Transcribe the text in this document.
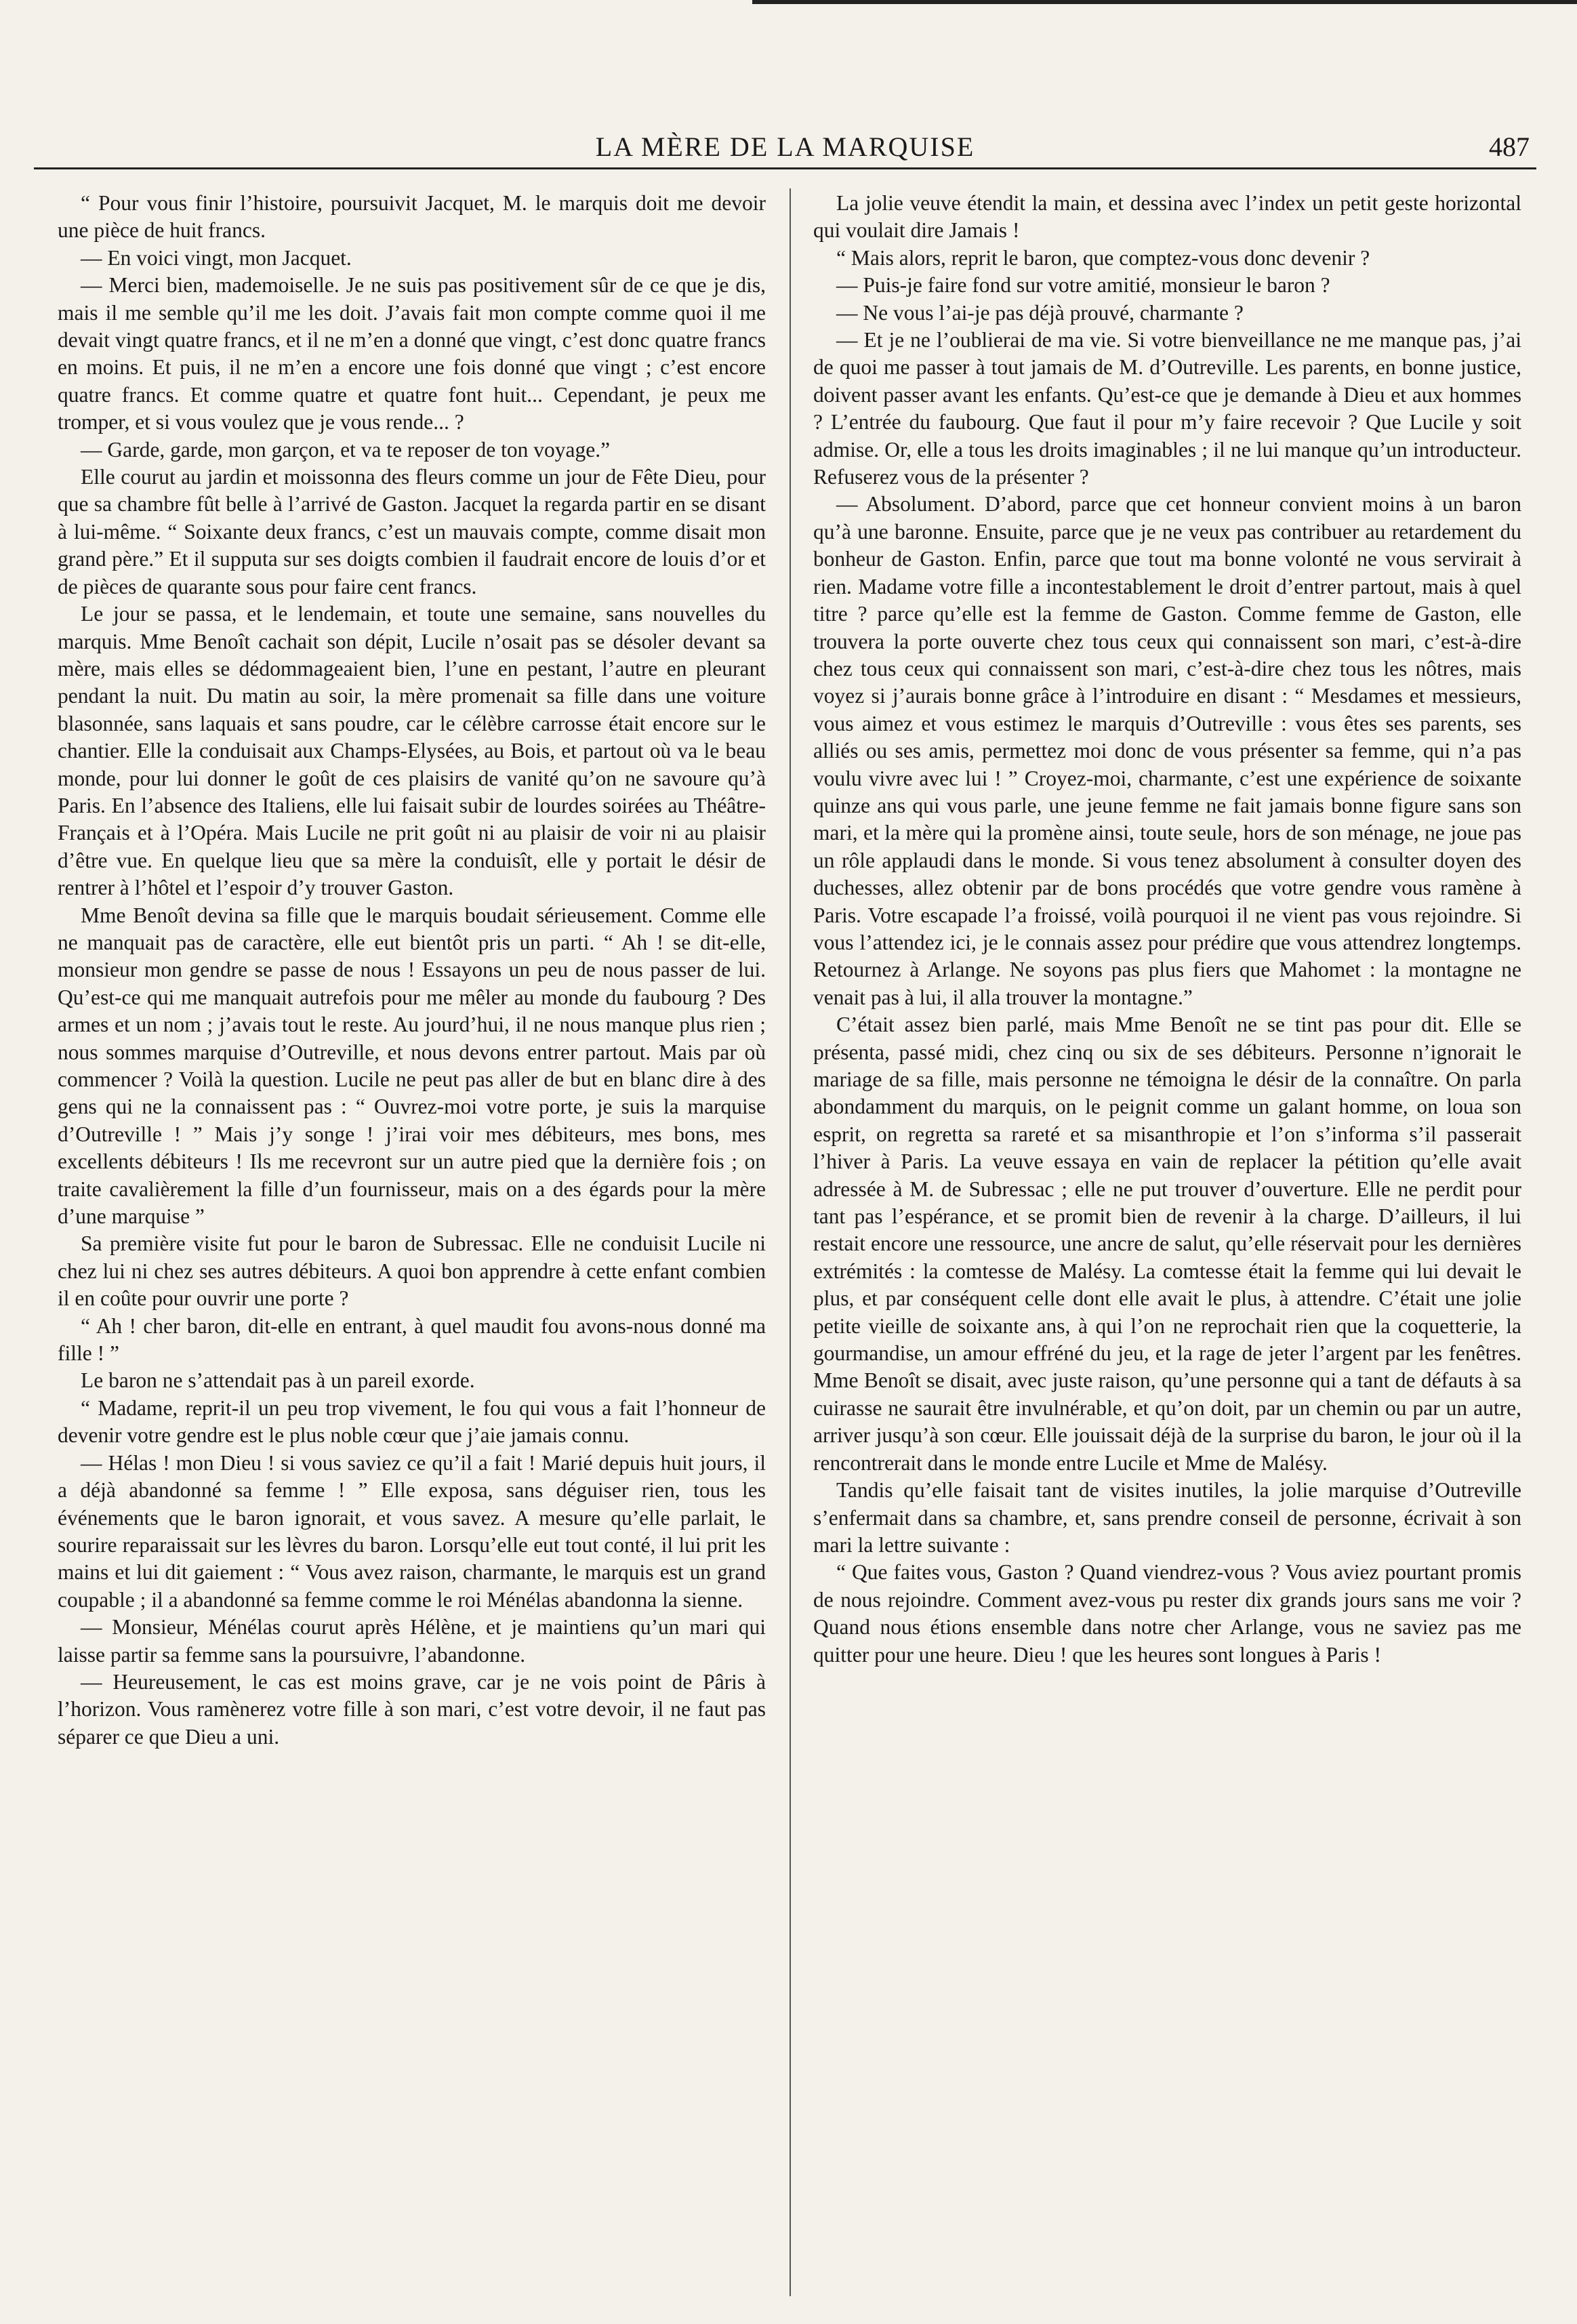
LA MÈRE DE LA MARQUISE	487

“ Pour vous finir l’histoire, poursuivit Jacquet, M. le marquis doit me devoir une pièce de huit francs.

— En voici vingt, mon Jacquet.

— Merci bien, mademoiselle. Je ne suis pas positivement sûr de ce que je dis, mais il me semble qu’il me les doit. J’avais fait mon compte comme quoi il me devait vingt quatre francs, et il ne m’en a donné que vingt, c’est donc quatre francs en moins. Et puis, il ne m’en a encore une fois donné que vingt ; c’est encore quatre francs. Et comme quatre et quatre font huit... Cependant, je peux me tromper, et si vous voulez que je vous rende... ?

— Garde, garde, mon garçon, et va te reposer de ton voyage.”

Elle courut au jardin et moissonna des fleurs comme un jour de Fête Dieu, pour que sa chambre fût belle à l’arrivé de Gaston. Jacquet la regarda partir en se disant à lui-même. “ Soixante deux francs, c’est un mauvais compte, comme disait mon grand père.” Et il supputa sur ses doigts combien il faudrait encore de louis d’or et de pièces de quarante sous pour faire cent francs.

Le jour se passa, et le lendemain, et toute une semaine, sans nouvelles du marquis. Mme Benoît cachait son dépit, Lucile n’osait pas se désoler devant sa mère, mais elles se dédommageaient bien, l’une en pestant, l’autre en pleurant pendant la nuit. Du matin au soir, la mère promenait sa fille dans une voiture blasonnée, sans laquais et sans poudre, car le célèbre carrosse était encore sur le chantier. Elle la conduisait aux Champs-Elysées, au Bois, et partout où va le beau monde, pour lui donner le goût de ces plaisirs de vanité qu’on ne savoure qu’à Paris. En l’absence des Italiens, elle lui faisait subir de lourdes soirées au Théâtre-Français et à l’Opéra. Mais Lucile ne prit goût ni au plaisir de voir ni au plaisir d’être vue. En quelque lieu que sa mère la conduisît, elle y portait le désir de rentrer à l’hôtel et l’espoir d’y trouver Gaston.

Mme Benoît devina sa fille que le marquis boudait sérieusement. Comme elle ne manquait pas de caractère, elle eut bientôt pris un parti. “ Ah ! se dit-elle, monsieur mon gendre se passe de nous ! Essayons un peu de nous passer de lui. Qu’est-ce qui me manquait autrefois pour me mêler au monde du faubourg ? Des armes et un nom ; j’avais tout le reste. Au jourd’hui, il ne nous manque plus rien ; nous sommes marquise d’Outreville, et nous devons entrer partout. Mais par où commencer ? Voilà la question. Lucile ne peut pas aller de but en blanc dire à des gens qui ne la connaissent pas : “ Ouvrez-moi votre porte, je suis la marquise d’Outreville ! ” Mais j’y songe ! j’irai voir mes débiteurs, mes bons, mes excellents débiteurs ! Ils me recevront sur un autre pied que la dernière fois ; on traite cavalièrement la fille d’un fournisseur, mais on a des égards pour la mère d’une marquise ”

Sa première visite fut pour le baron de Subressac. Elle ne conduisit Lucile ni chez lui ni chez ses autres débiteurs. A quoi bon apprendre à cette enfant combien il en coûte pour ouvrir une porte ?

“ Ah ! cher baron, dit-elle en entrant, à quel maudit fou avons-nous donné ma fille ! ”

Le baron ne s’attendait pas à un pareil exorde.

“ Madame, reprit-il un peu trop vivement, le fou qui vous a fait l’honneur de devenir votre gendre est le plus noble cœur que j’aie jamais connu.

— Hélas ! mon Dieu ! si vous saviez ce qu’il a fait ! Marié depuis huit jours, il a déjà abandonné sa femme ! ” Elle exposa, sans déguiser rien, tous les événements que le baron ignorait, et vous savez. A mesure qu’elle parlait, le sourire reparaissait sur les lèvres du baron. Lorsqu’elle eut tout conté, il lui prit les mains et lui dit gaiement : “ Vous avez raison, charmante, le marquis est un grand coupable ; il a abandonné sa femme comme le roi Ménélas abandonna la sienne.

— Monsieur, Ménélas courut après Hélène, et je maintiens qu’un mari qui laisse partir sa femme sans la poursuivre, l’abandonne.

— Heureusement, le cas est moins grave, car je ne vois point de Pâris à l’horizon. Vous ramènerez votre fille à son mari, c’est votre devoir, il ne faut pas séparer ce que Dieu a uni.

La jolie veuve étendit la main, et dessina avec l’index un petit geste horizontal qui voulait dire Jamais !

“ Mais alors, reprit le baron, que comptez-vous donc devenir ?

— Puis-je faire fond sur votre amitié, monsieur le baron ?

— Ne vous l’ai-je pas déjà prouvé, charmante ?

— Et je ne l’oublierai de ma vie. Si votre bienveillance ne me manque pas, j’ai de quoi me passer à tout jamais de M. d’Outreville. Les parents, en bonne justice, doivent passer avant les enfants. Qu’est-ce que je demande à Dieu et aux hommes ? L’entrée du faubourg. Que faut il pour m’y faire recevoir ? Que Lucile y soit admise. Or, elle a tous les droits imaginables ; il ne lui manque qu’un introducteur. Refuserez vous de la présenter ?

— Absolument. D’abord, parce que cet honneur convient moins à un baron qu’à une baronne. Ensuite, parce que je ne veux pas contribuer au retardement du bonheur de Gaston. Enfin, parce que tout ma bonne volonté ne vous servirait à rien. Madame votre fille a incontestablement le droit d’entrer partout, mais à quel titre ? parce qu’elle est la femme de Gaston. Comme femme de Gaston, elle trouvera la porte ouverte chez tous ceux qui connaissent son mari, c’est-à-dire chez tous ceux qui connaissent son mari, c’est-à-dire chez tous les nôtres, mais voyez si j’aurais bonne grâce à l’introduire en disant : “ Mesdames et messieurs, vous aimez et vous estimez le marquis d’Outreville : vous êtes ses parents, ses alliés ou ses amis, permettez moi donc de vous présenter sa femme, qui n’a pas voulu vivre avec lui ! ” Croyez-moi, charmante, c’est une expérience de soixante quinze ans qui vous parle, une jeune femme ne fait jamais bonne figure sans son mari, et la mère qui la promène ainsi, toute seule, hors de son ménage, ne joue pas un rôle applaudi dans le monde. Si vous tenez absolument à consulter doyen des duchesses, allez obtenir par de bons procédés que votre gendre vous ramène à Paris. Votre escapade l’a froissé, voilà pourquoi il ne vient pas vous rejoindre. Si vous l’attendez ici, je le connais assez pour prédire que vous attendrez longtemps. Retournez à Arlange. Ne soyons pas plus fiers que Mahomet : la montagne ne venait pas à lui, il alla trouver la montagne.”

C’était assez bien parlé, mais Mme Benoît ne se tint pas pour dit. Elle se présenta, passé midi, chez cinq ou six de ses débiteurs. Personne n’ignorait le mariage de sa fille, mais personne ne témoigna le désir de la connaître. On parla abondamment du marquis, on le peignit comme un galant homme, on loua son esprit, on regretta sa rareté et sa misanthropie et l’on s’informa s’il passerait l’hiver à Paris. La veuve essaya en vain de replacer la pétition qu’elle avait adressée à M. de Subressac ; elle ne put trouver d’ouverture. Elle ne perdit pour tant pas l’espérance, et se promit bien de revenir à la charge. D’ailleurs, il lui restait encore une ressource, une ancre de salut, qu’elle réservait pour les dernières extrémités : la comtesse de Malésy. La comtesse était la femme qui lui devait le plus, et par conséquent celle dont elle avait le plus, à attendre. C’était une jolie petite vieille de soixante ans, à qui l’on ne reprochait rien que la coquetterie, la gourmandise, un amour effréné du jeu, et la rage de jeter l’argent par les fenêtres. Mme Benoît se disait, avec juste raison, qu’une personne qui a tant de défauts à sa cuirasse ne saurait être invulnérable, et qu’on doit, par un chemin ou par un autre, arriver jusqu’à son cœur. Elle jouissait déjà de la surprise du baron, le jour où il la rencontrerait dans le monde entre Lucile et Mme de Malésy.

Tandis qu’elle faisait tant de visites inutiles, la jolie marquise d’Outreville s’enfermait dans sa chambre, et, sans prendre conseil de personne, écrivait à son mari la lettre suivante :

“ Que faites vous, Gaston ? Quand viendrez-vous ? Vous aviez pourtant promis de nous rejoindre. Comment avez-vous pu rester dix grands jours sans me voir ? Quand nous étions ensemble dans notre cher Arlange, vous ne saviez pas me quitter pour une heure. Dieu ! que les heures sont longues à Paris !
